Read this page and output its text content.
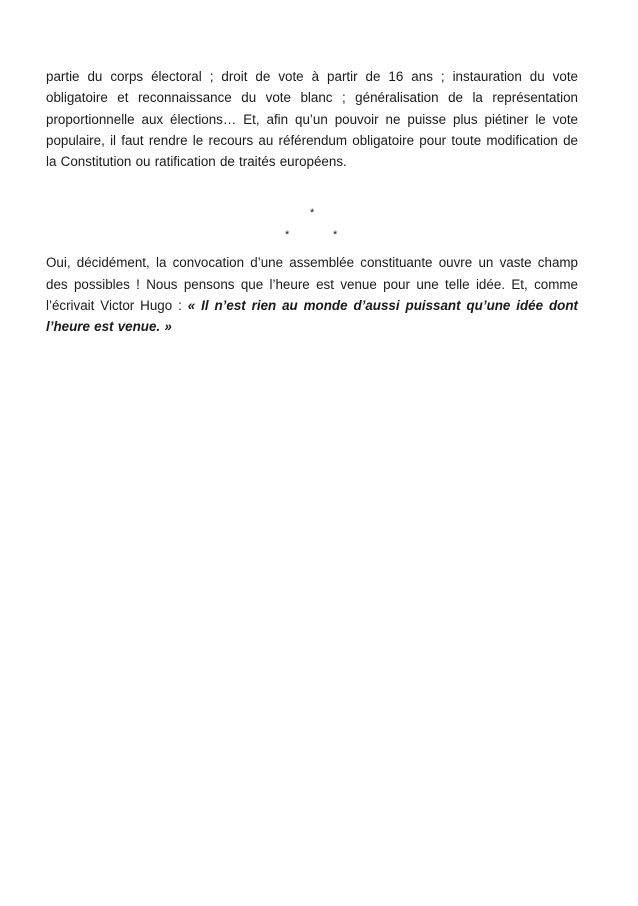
partie du corps électoral ; droit de vote à partir de 16 ans ; instauration du vote obligatoire et reconnaissance du vote blanc ; généralisation de la représentation proportionnelle aux élections… Et, afin qu’un pouvoir ne puisse plus piétiner le vote populaire, il faut rendre le recours au référendum obligatoire pour toute modification de la Constitution ou ratification de traités européens.

*
*	*

Oui, décidément, la convocation d’une assemblée constituante ouvre un vaste champ des possibles ! Nous pensons que l’heure est venue pour une telle idée. Et, comme l’écrivait Victor Hugo : « Il n’est rien au monde d’aussi puissant qu’une idée dont l’heure est venue. »
